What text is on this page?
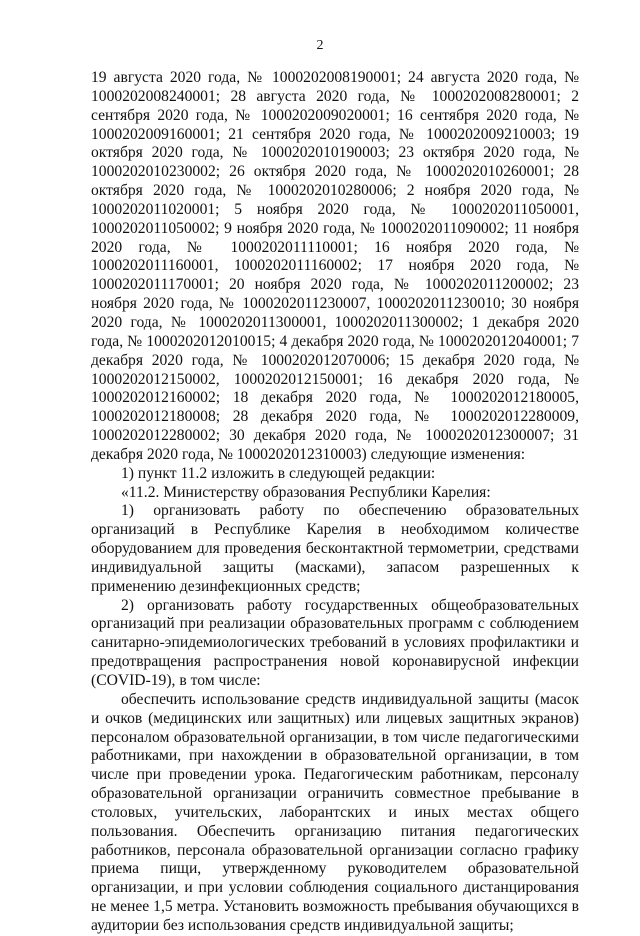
2

19 августа 2020 года, № 1000202008190001; 24 августа 2020 года, № 1000202008240001; 28 августа 2020 года, № 1000202008280001; 2 сентября 2020 года, № 1000202009020001; 16 сентября 2020 года, № 1000202009160001; 21 сентября 2020 года, № 1000202009210003; 19 октября 2020 года, № 1000202010190003; 23 октября 2020 года, № 1000202010230002; 26 октября 2020 года, № 1000202010260001; 28 октября 2020 года, № 1000202010280006; 2 ноября 2020 года, № 1000202011020001; 5 ноября 2020 года, № 1000202011050001, 1000202011050002; 9 ноября 2020 года, № 1000202011090002; 11 ноября 2020 года, № 1000202011110001; 16 ноября 2020 года, № 1000202011160001, 1000202011160002; 17 ноября 2020 года, № 1000202011170001; 20 ноября 2020 года, № 1000202011200002; 23 ноября 2020 года, № 1000202011230007, 1000202011230010; 30 ноября 2020 года, № 1000202011300001, 1000202011300002; 1 декабря 2020 года, № 1000202012010015; 4 декабря 2020 года, № 1000202012040001; 7 декабря 2020 года, № 1000202012070006; 15 декабря 2020 года, № 1000202012150002, 1000202012150001; 16 декабря 2020 года, № 1000202012160002; 18 декабря 2020 года, № 1000202012180005, 1000202012180008; 28 декабря 2020 года, № 1000202012280009, 1000202012280002; 30 декабря 2020 года, № 1000202012300007; 31 декабря 2020 года, № 1000202012310003) следующие изменения:

1) пункт 11.2 изложить в следующей редакции:

«11.2. Министерству образования Республики Карелия:

1) организовать работу по обеспечению образовательных организаций в Республике Карелия в необходимом количестве оборудованием для проведения бесконтактной термометрии, средствами индивидуальной защиты (масками), запасом разрешенных к применению дезинфекционных средств;

2) организовать работу государственных общеобразовательных организаций при реализации образовательных программ с соблюдением санитарно-эпидемиологических требований в условиях профилактики и предотвращения распространения новой коронавирусной инфекции (COVID-19), в том числе:

обеспечить использование средств индивидуальной защиты (масок и очков (медицинских или защитных) или лицевых защитных экранов) персоналом образовательной организации, в том числе педагогическими работниками, при нахождении в образовательной организации, в том числе при проведении урока. Педагогическим работникам, персоналу образовательной организации ограничить совместное пребывание в столовых, учительских, лаборантских и иных местах общего пользования. Обеспечить организацию питания педагогических работников, персонала образовательной организации согласно графику приема пищи, утвержденному руководителем образовательной организации, и при условии соблюдения социального дистанцирования не менее 1,5 метра. Установить возможность пребывания обучающихся в аудитории без использования средств индивидуальной защиты;
